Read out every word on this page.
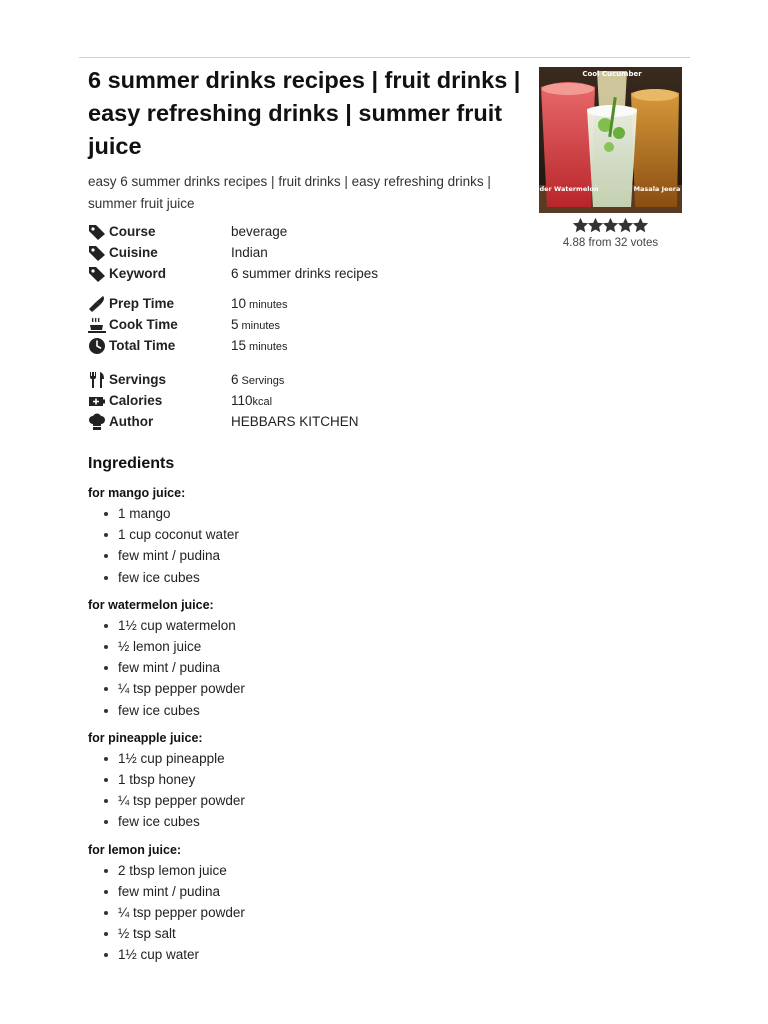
6 summer drinks recipes | fruit drinks | easy refreshing drinks | summer fruit juice

easy 6 summer drinks recipes | fruit drinks | easy refreshing drinks | summer fruit juice

Cool Cucumber
Wonder Watermelon	Masala Jeera
4.88 from 32 votes
Course	beverage
Cuisine	Indian
Keyword	6 summer drinks recipes
Prep Time	10 minutes
Cook Time	5 minutes
Total Time	15 minutes
Servings	6 Servings
Calories	110kcal
Author	HEBBARS KITCHEN
Ingredients
for mango juice:
1 mango
1 cup coconut water
few mint / pudina
few ice cubes
for watermelon juice:
1½ cup watermelon
½ lemon juice
few mint / pudina
¼ tsp pepper powder
few ice cubes
for pineapple juice:
1½ cup pineapple
1 tbsp honey
¼ tsp pepper powder
few ice cubes
for lemon juice:
2 tbsp lemon juice
few mint / pudina
¼ tsp pepper powder
½ tsp salt
1½ cup water
